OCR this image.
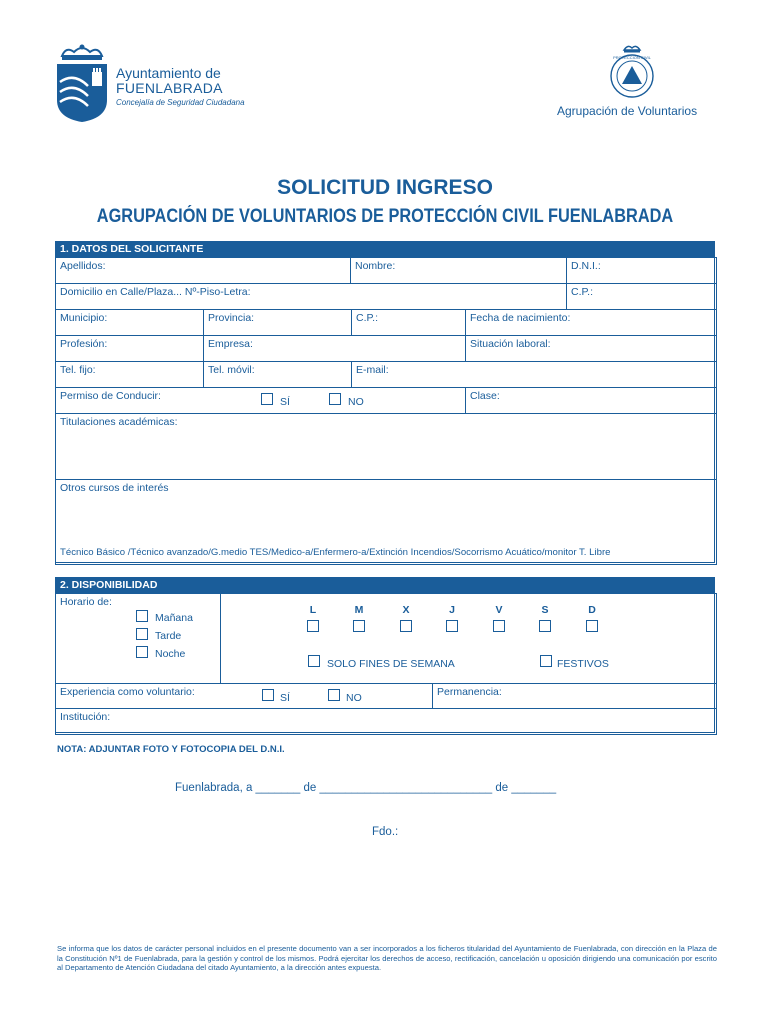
Ayuntamiento de
FUENLABRADA
Concejalía de Seguridad Ciudadana
PROTECCIÓN CIVIL
Agrupación de Voluntarios
SOLICITUD INGRESO
AGRUPACIÓN DE VOLUNTARIOS DE PROTECCIÓN CIVIL FUENLABRADA
1. DATOS DEL SOLICITANTE
Apellidos:	Nombre:	D.N.I.:
Domicilio en Calle/Plaza... Nº-Piso-Letra:	C.P.:
Municipio:	Provincia:	C.P.:	Fecha de nacimiento:
Profesión:	Empresa:	Situación laboral:
Tel. fijo:	Tel. móvil:	E-mail:
Permiso de Conducir:	SÍ	NO	Clase:
Titulaciones académicas:
Otros cursos de interés
Técnico Básico /Técnico avanzado/G.medio TES/Medico-a/Enfermero-a/Extinción Incendios/Socorrismo Acuático/monitor T. Libre
2. DISPONIBILIDAD
Horario de:
Mañana
Tarde
Noche
L	M	X	J	V	S	D
SOLO FINES DE SEMANA	FESTIVOS
Experiencia como voluntario:	SÍ	NO	Permanencia:
Institución:
NOTA: ADJUNTAR FOTO Y FOTOCOPIA DEL D.N.I.
Fuenlabrada, a _______ de ___________________________ de _______
Fdo.:
Se informa que los datos de carácter personal incluidos en el presente documento van a ser incorporados a los ficheros titularidad del Ayuntamiento de Fuenlabrada, con dirección en la Plaza de la Constitución Nº1 de Fuenlabrada, para la gestión y control de los mismos. Podrá ejercitar los derechos de acceso, rectificación, cancelación u oposición dirigiendo una comunicación por escrito al Departamento de Atención Ciudadana del citado Ayuntamiento, a la dirección antes expuesta.
